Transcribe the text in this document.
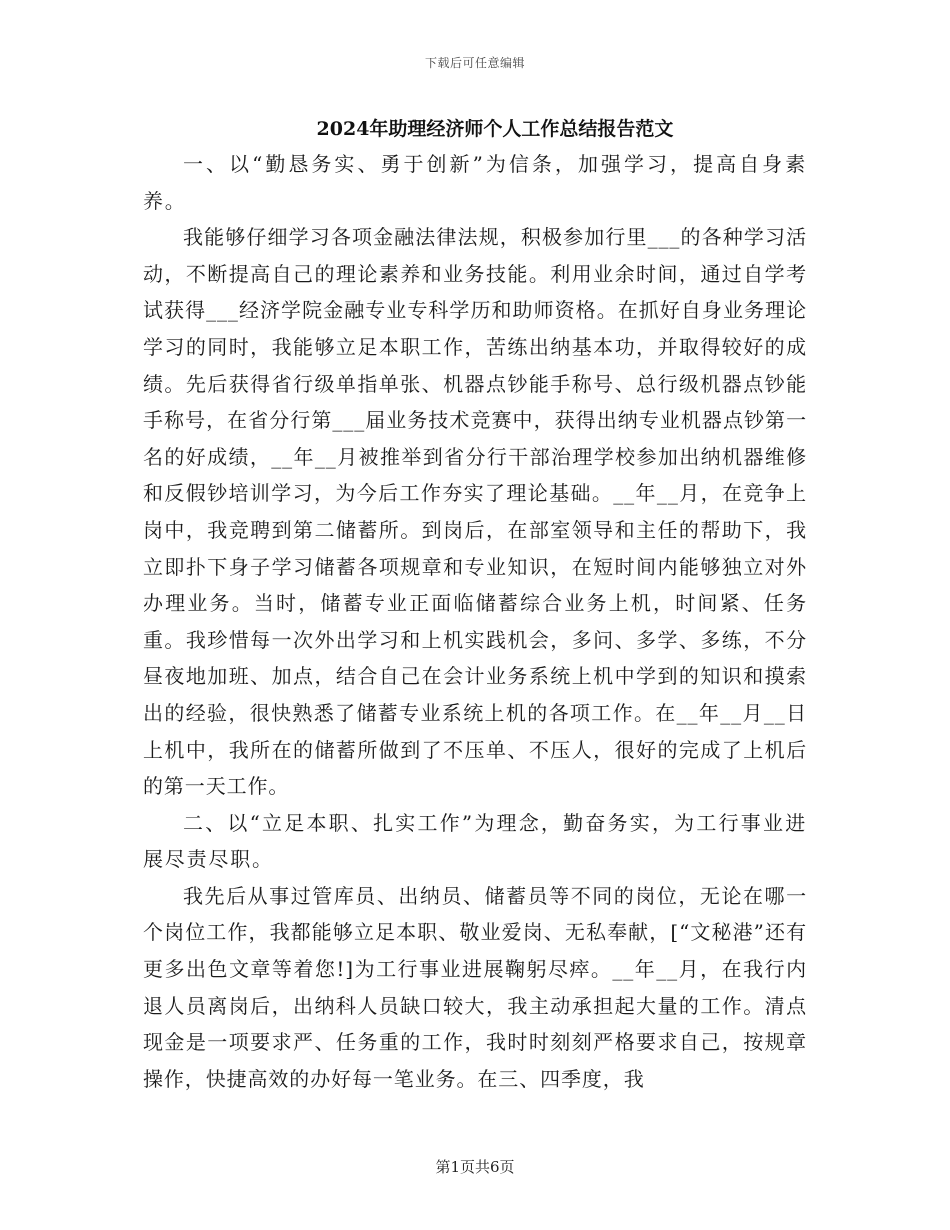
下载后可任意编辑
2024年助理经济师个人工作总结报告范文

一、以“勤恳务实、勇于创新”为信条，加强学习，提高自身素养。

我能够仔细学习各项金融法律法规，积极参加行里___的各种学习活动，不断提高自己的理论素养和业务技能。利用业余时间，通过自学考试获得___经济学院金融专业专科学历和助师资格。在抓好自身业务理论学习的同时，我能够立足本职工作，苦练出纳基本功，并取得较好的成绩。先后获得省行级单指单张、机器点钞能手称号、总行级机器点钞能手称号，在省分行第___届业务技术竞赛中，获得出纳专业机器点钞第一名的好成绩，__年__月被推举到省分行干部治理学校参加出纳机器维修和反假钞培训学习，为今后工作夯实了理论基础。__年__月，在竞争上岗中，我竞聘到第二储蓄所。到岗后，在部室领导和主任的帮助下，我立即扑下身子学习储蓄各项规章和专业知识，在短时间内能够独立对外办理业务。当时，储蓄专业正面临储蓄综合业务上机，时间紧、任务重。我珍惜每一次外出学习和上机实践机会，多问、多学、多练，不分昼夜地加班、加点，结合自己在会计业务系统上机中学到的知识和摸索出的经验，很快熟悉了储蓄专业系统上机的各项工作。在__年__月__日上机中，我所在的储蓄所做到了不压单、不压人，很好的完成了上机后的第一天工作。

二、以“立足本职、扎实工作”为理念，勤奋务实，为工行事业进展尽责尽职。

我先后从事过管库员、出纳员、储蓄员等不同的岗位，无论在哪一个岗位工作，我都能够立足本职、敬业爱岗、无私奉献，[“文秘港”还有更多出色文章等着您!]为工行事业进展鞠躬尽瘁。__年__月，在我行内退人员离岗后，出纳科人员缺口较大，我主动承担起大量的工作。清点现金是一项要求严、任务重的工作，我时时刻刻严格要求自己，按规章操作，快捷高效的办好每一笔业务。在三、四季度，我

第1页共6页
